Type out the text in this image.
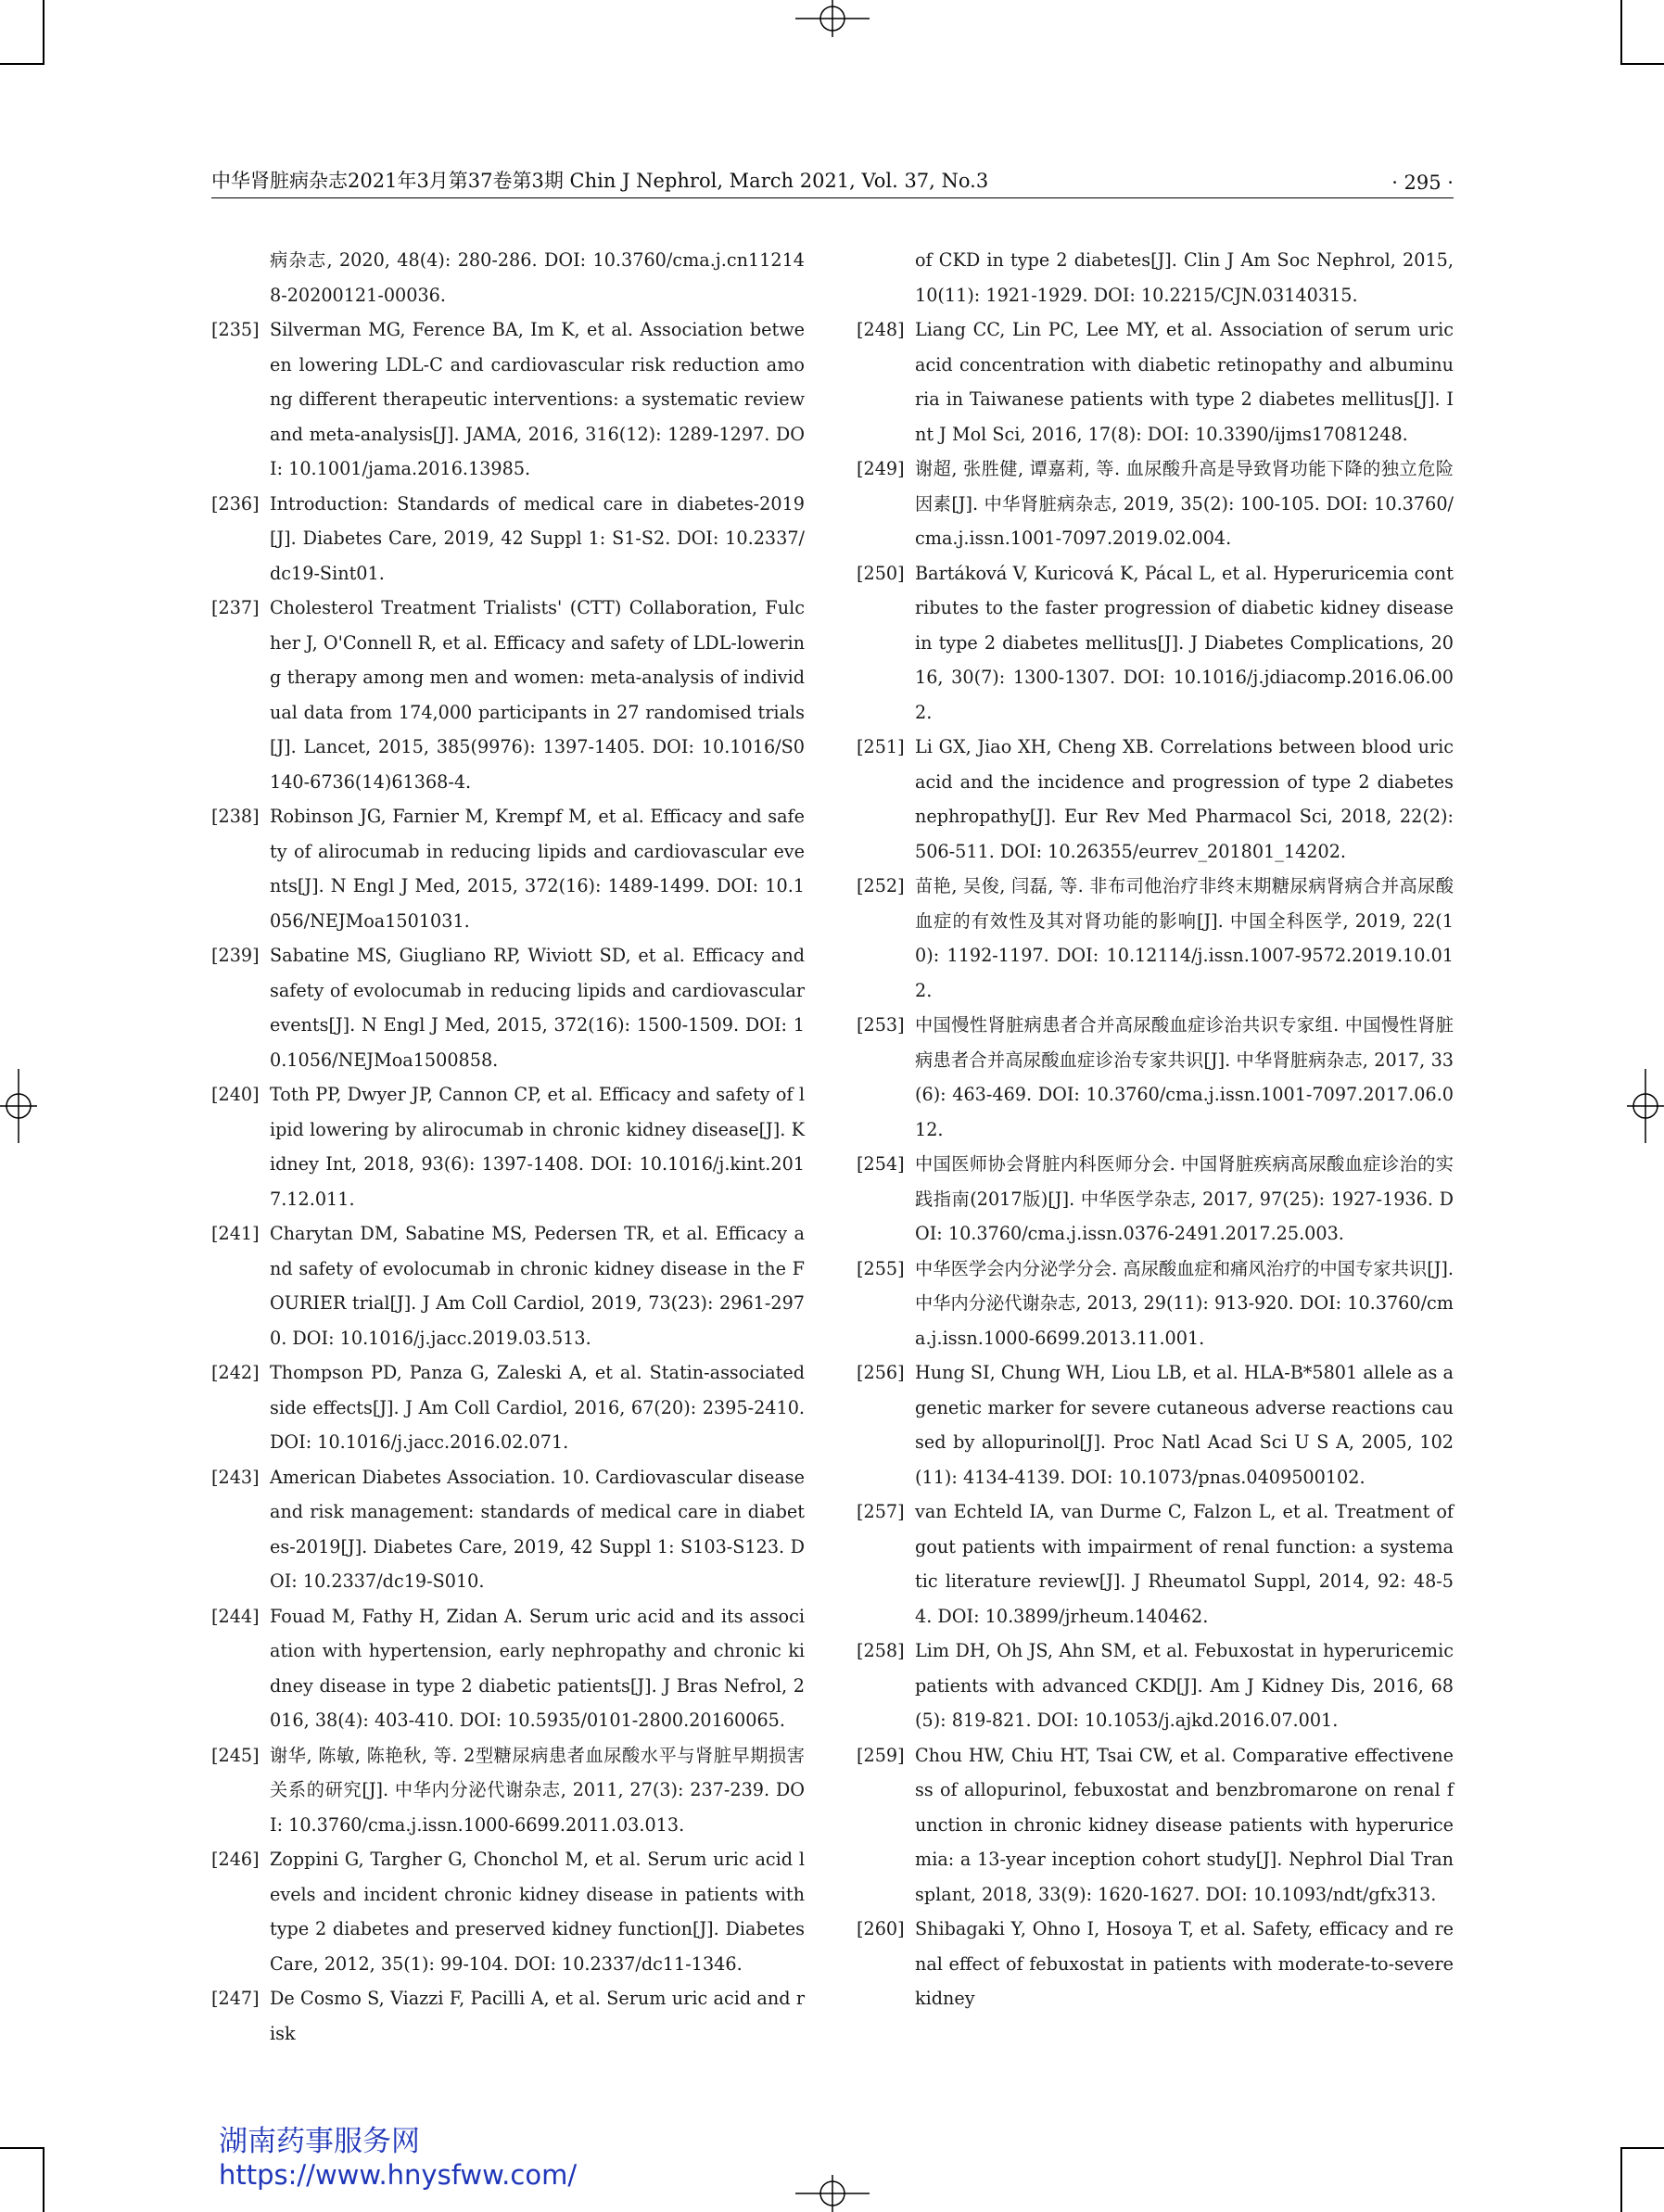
中华肾脏病杂志2021年3月第37卷第3期 Chin J Nephrol, March 2021, Vol. 37, No.3	· 295 ·
病杂志, 2020, 48(4): 280-286. DOI: 10.3760/cma.j.cn112148-20200121-00036.
[235] Silverman MG, Ference BA, Im K, et al. Association between lowering LDL-C and cardiovascular risk reduction among different therapeutic interventions: a systematic review and meta-analysis[J]. JAMA, 2016, 316(12): 1289-1297. DOI: 10.1001/jama.2016.13985.
[236] Introduction: Standards of medical care in diabetes-2019[J]. Diabetes Care, 2019, 42 Suppl 1: S1-S2. DOI: 10.2337/dc19-Sint01.
[237] Cholesterol Treatment Trialists' (CTT) Collaboration, Fulcher J, O'Connell R, et al. Efficacy and safety of LDL-lowering therapy among men and women: meta-analysis of individual data from 174,000 participants in 27 randomised trials[J]. Lancet, 2015, 385(9976): 1397-1405. DOI: 10.1016/S0140-6736(14)61368-4.
[238] Robinson JG, Farnier M, Krempf M, et al. Efficacy and safety of alirocumab in reducing lipids and cardiovascular events[J]. N Engl J Med, 2015, 372(16): 1489-1499. DOI: 10.1056/NEJMoa1501031.
[239] Sabatine MS, Giugliano RP, Wiviott SD, et al. Efficacy and safety of evolocumab in reducing lipids and cardiovascular events[J]. N Engl J Med, 2015, 372(16): 1500-1509. DOI: 10.1056/NEJMoa1500858.
[240] Toth PP, Dwyer JP, Cannon CP, et al. Efficacy and safety of lipid lowering by alirocumab in chronic kidney disease[J]. Kidney Int, 2018, 93(6): 1397-1408. DOI: 10.1016/j.kint.2017.12.011.
[241] Charytan DM, Sabatine MS, Pedersen TR, et al. Efficacy and safety of evolocumab in chronic kidney disease in the FOURIER trial[J]. J Am Coll Cardiol, 2019, 73(23): 2961-2970. DOI: 10.1016/j.jacc.2019.03.513.
[242] Thompson PD, Panza G, Zaleski A, et al. Statin-associated side effects[J]. J Am Coll Cardiol, 2016, 67(20): 2395-2410. DOI: 10.1016/j.jacc.2016.02.071.
[243] American Diabetes Association. 10. Cardiovascular disease and risk management: standards of medical care in diabetes-2019[J]. Diabetes Care, 2019, 42 Suppl 1: S103-S123. DOI: 10.2337/dc19-S010.
[244] Fouad M, Fathy H, Zidan A. Serum uric acid and its association with hypertension, early nephropathy and chronic kidney disease in type 2 diabetic patients[J]. J Bras Nefrol, 2016, 38(4): 403-410. DOI: 10.5935/0101-2800.20160065.
[245] 谢华, 陈敏, 陈艳秋, 等. 2型糖尿病患者血尿酸水平与肾脏早期损害关系的研究[J]. 中华内分泌代谢杂志, 2011, 27(3): 237-239. DOI: 10.3760/cma.j.issn.1000-6699.2011.03.013.
[246] Zoppini G, Targher G, Chonchol M, et al. Serum uric acid levels and incident chronic kidney disease in patients with type 2 diabetes and preserved kidney function[J]. Diabetes Care, 2012, 35(1): 99-104. DOI: 10.2337/dc11-1346.
[247] De Cosmo S, Viazzi F, Pacilli A, et al. Serum uric acid and risk
of CKD in type 2 diabetes[J]. Clin J Am Soc Nephrol, 2015, 10(11): 1921-1929. DOI: 10.2215/CJN.03140315.
[248] Liang CC, Lin PC, Lee MY, et al. Association of serum uric acid concentration with diabetic retinopathy and albuminuria in Taiwanese patients with type 2 diabetes mellitus[J]. Int J Mol Sci, 2016, 17(8): DOI: 10.3390/ijms17081248.
[249] 谢超, 张胜健, 谭嘉莉, 等. 血尿酸升高是导致肾功能下降的独立危险因素[J]. 中华肾脏病杂志, 2019, 35(2): 100-105. DOI: 10.3760/cma.j.issn.1001-7097.2019.02.004.
[250] Bartáková V, Kuricová K, Pácal L, et al. Hyperuricemia contributes to the faster progression of diabetic kidney disease in type 2 diabetes mellitus[J]. J Diabetes Complications, 2016, 30(7): 1300-1307. DOI: 10.1016/j.jdiacomp.2016.06.002.
[251] Li GX, Jiao XH, Cheng XB. Correlations between blood uric acid and the incidence and progression of type 2 diabetes nephropathy[J]. Eur Rev Med Pharmacol Sci, 2018, 22(2): 506-511. DOI: 10.26355/eurrev_201801_14202.
[252] 苗艳, 吴俊, 闫磊, 等. 非布司他治疗非终末期糖尿病肾病合并高尿酸血症的有效性及其对肾功能的影响[J]. 中国全科医学, 2019, 22(10): 1192-1197. DOI: 10.12114/j.issn.1007-9572.2019.10.012.
[253] 中国慢性肾脏病患者合并高尿酸血症诊治共识专家组. 中国慢性肾脏病患者合并高尿酸血症诊治专家共识[J]. 中华肾脏病杂志, 2017, 33(6): 463-469. DOI: 10.3760/cma.j.issn.1001-7097.2017.06.012.
[254] 中国医师协会肾脏内科医师分会. 中国肾脏疾病高尿酸血症诊治的实践指南(2017版)[J]. 中华医学杂志, 2017, 97(25): 1927-1936. DOI: 10.3760/cma.j.issn.0376-2491.2017.25.003.
[255] 中华医学会内分泌学分会. 高尿酸血症和痛风治疗的中国专家共识[J]. 中华内分泌代谢杂志, 2013, 29(11): 913-920. DOI: 10.3760/cma.j.issn.1000-6699.2013.11.001.
[256] Hung SI, Chung WH, Liou LB, et al. HLA-B*5801 allele as a genetic marker for severe cutaneous adverse reactions caused by allopurinol[J]. Proc Natl Acad Sci U S A, 2005, 102(11): 4134-4139. DOI: 10.1073/pnas.0409500102.
[257] van Echteld IA, van Durme C, Falzon L, et al. Treatment of gout patients with impairment of renal function: a systematic literature review[J]. J Rheumatol Suppl, 2014, 92: 48-54. DOI: 10.3899/jrheum.140462.
[258] Lim DH, Oh JS, Ahn SM, et al. Febuxostat in hyperuricemic patients with advanced CKD[J]. Am J Kidney Dis, 2016, 68(5): 819-821. DOI: 10.1053/j.ajkd.2016.07.001.
[259] Chou HW, Chiu HT, Tsai CW, et al. Comparative effectiveness of allopurinol, febuxostat and benzbromarone on renal function in chronic kidney disease patients with hyperuricemia: a 13-year inception cohort study[J]. Nephrol Dial Transplant, 2018, 33(9): 1620-1627. DOI: 10.1093/ndt/gfx313.
[260] Shibagaki Y, Ohno I, Hosoya T, et al. Safety, efficacy and renal effect of febuxostat in patients with moderate-to-severe kidney
湖南药事服务网
https://www.hnysfww.com/
